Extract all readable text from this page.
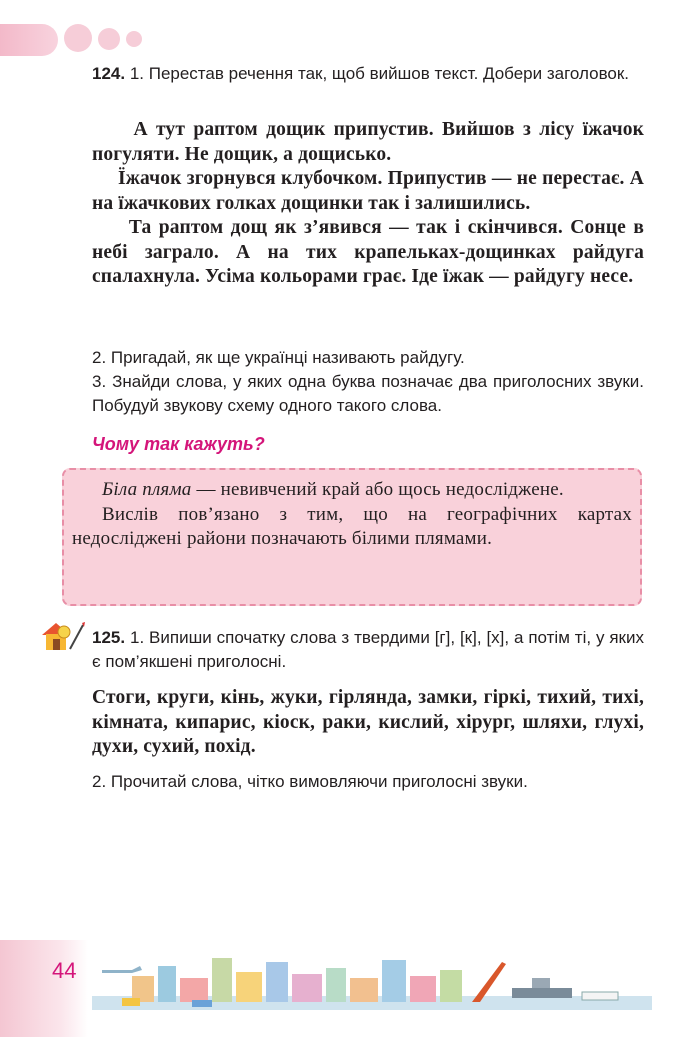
124. 1. Перестав речення так, щоб вийшов текст. Добери заголовок.

А тут раптом дощик припустив. Вийшов з лісу їжачок погуляти. Не дощик, а дощисько.

Їжачок згорнувся клубочком. Припустив — не перестає. А на їжачкових голках дощинки так і залишились.

Та раптом дощ як з’явився — так і скінчився. Сонце в небі заграло. А на тих крапельках-дощинках райдуга спалахнула. Усіма кольорами грає. Іде їжак — райдугу несе.

2. Пригадай, як ще українці називають райдугу.

3. Знайди слова, у яких одна буква позначає два приголосних звуки. Побудуй звукову схему одного такого слова.

Чому так кажуть?

Біла пляма — невивчений край або щось недосліджене.

Вислів пов’язано з тим, що на географічних картах недосліджені райони позначають білими плямами.

125. 1. Випиши спочатку слова з твердими [г], [к], [х], а потім ті, у яких є пом’якшені приголосні.

Стоги, круги, кінь, жуки, гірлянда, замки, гіркі, тихий, тихі, кімната, кипарис, кіоск, раки, кислий, хірург, шляхи, глухі, духи, сухий, похід.

2. Прочитай слова, чітко вимовляючи приголосні звуки.

44
